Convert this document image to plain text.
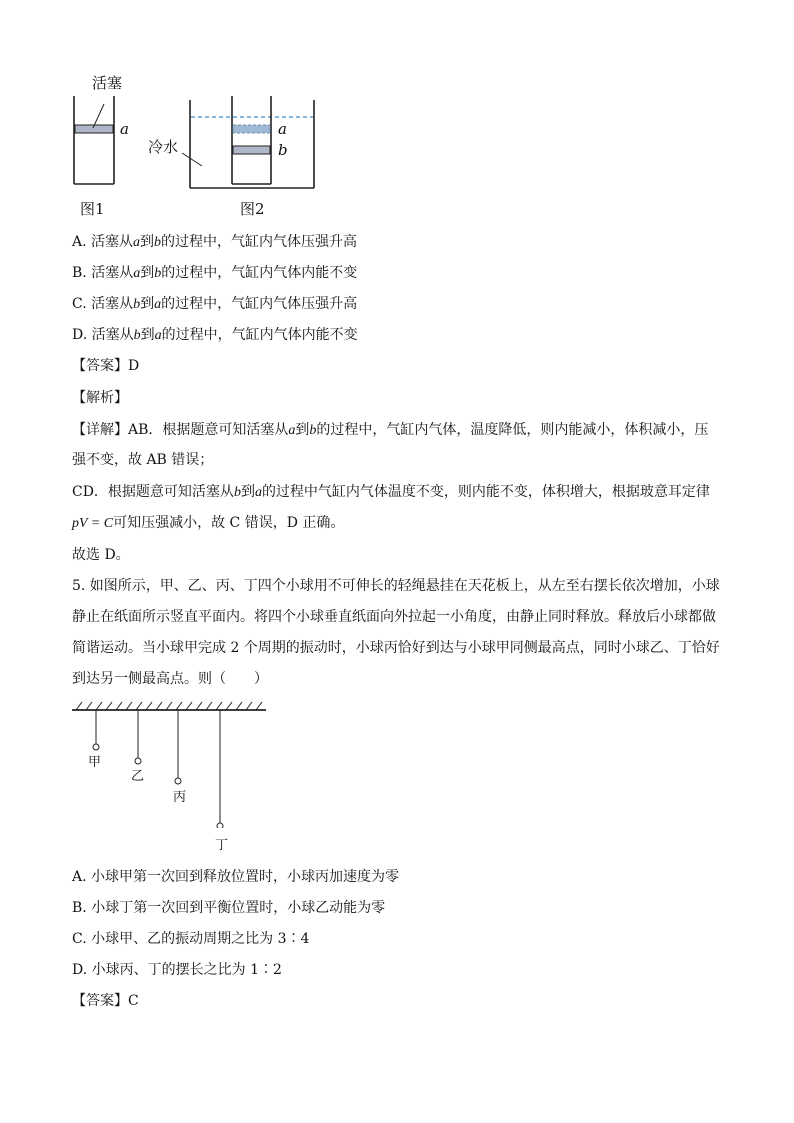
活塞
a
冷水
a
b
图1	图2
A. 活塞从a到b的过程中，气缸内气体压强升高
B. 活塞从a到b的过程中，气缸内气体内能不变
C. 活塞从b到a的过程中，气缸内气体压强升高
D. 活塞从b到a的过程中，气缸内气体内能不变
【答案】D
【解析】
【详解】AB．根据题意可知活塞从a到b的过程中，气缸内气体，温度降低，则内能减小，体积减小，压
强不变，故 AB 错误；
CD．根据题意可知活塞从b到a的过程中气缸内气体温度不变，则内能不变，体积增大，根据玻意耳定律
pV = C可知压强减小，故 C 错误，D 正确。
故选 D。
5. 如图所示，甲、乙、丙、丁四个小球用不可伸长的轻绳悬挂在天花板上，从左至右摆长依次增加，小球
静止在纸面所示竖直平面内。将四个小球垂直纸面向外拉起一小角度，由静止同时释放。释放后小球都做
简谐运动。当小球甲完成 2 个周期的振动时，小球丙恰好到达与小球甲同侧最高点，同时小球乙、丁恰好
到达另一侧最高点。则（　　）
甲
乙
丙
丁
A. 小球甲第一次回到释放位置时，小球丙加速度为零
B. 小球丁第一次回到平衡位置时，小球乙动能为零
C. 小球甲、乙的振动周期之比为 3∶4
D. 小球丙、丁的摆长之比为 1∶2
【答案】C
